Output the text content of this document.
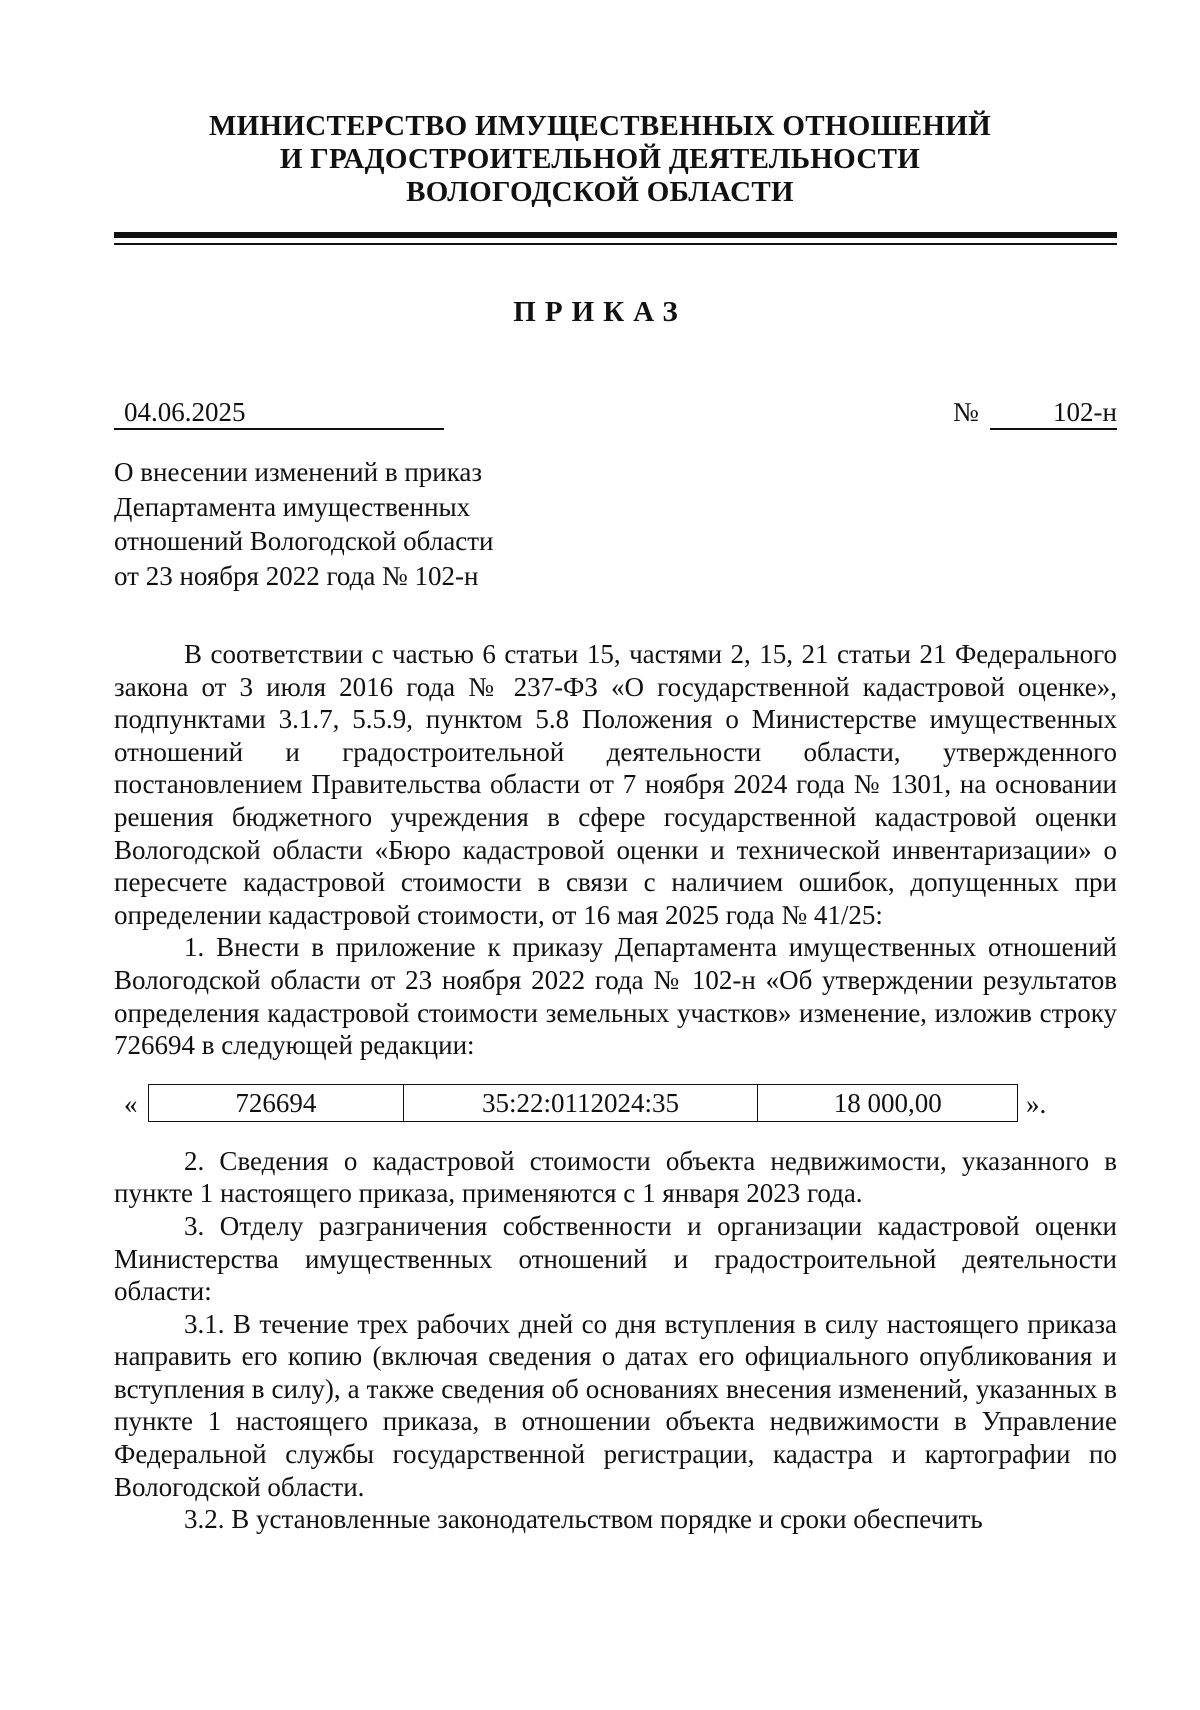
МИНИСТЕРСТВО ИМУЩЕСТВЕННЫХ ОТНОШЕНИЙ
И ГРАДОСТРОИТЕЛЬНОЙ ДЕЯТЕЛЬНОСТИ
ВОЛОГОДСКОЙ ОБЛАСТИ
ПРИКАЗ
04.06.2025	№	102-н
О внесении изменений в приказ
Департамента имущественных
отношений Вологодской области
от 23 ноября 2022 года № 102-н

В соответствии с частью 6 статьи 15, частями 2, 15, 21 статьи 21 Федерального закона от 3 июля 2016 года № 237-ФЗ «О государственной кадастровой оценке», подпунктами 3.1.7, 5.5.9, пунктом 5.8 Положения о Министерстве имущественных отношений и градостроительной деятельности области, утвержденного постановлением Правительства области от 7 ноября 2024 года № 1301, на основании решения бюджетного учреждения в сфере государственной кадастровой оценки Вологодской области «Бюро кадастровой оценки и технической инвентаризации» о пересчете кадастровой стоимости в связи с наличием ошибок, допущенных при определении кадастровой стоимости, от 16 мая 2025 года № 41/25:

1. Внести в приложение к приказу Департамента имущественных отношений Вологодской области от 23 ноября 2022 года № 102-н «Об утверждении результатов определения кадастровой стоимости земельных участков» изменение, изложив строку 726694 в следующей редакции:

«	726694	35:22:0112024:35	18 000,00	».

2. Сведения о кадастровой стоимости объекта недвижимости, указанного в пункте 1 настоящего приказа, применяются с 1 января 2023 года.

3. Отделу разграничения собственности и организации кадастровой оценки Министерства имущественных отношений и градостроительной деятельности области:

3.1. В течение трех рабочих дней со дня вступления в силу настоящего приказа направить его копию (включая сведения о датах его официального опубликования и вступления в силу), а также сведения об основаниях внесения изменений, указанных в пункте 1 настоящего приказа, в отношении объекта недвижимости в Управление Федеральной службы государственной регистрации, кадастра и картографии по Вологодской области.

3.2. В установленные законодательством порядке и сроки обеспечить
